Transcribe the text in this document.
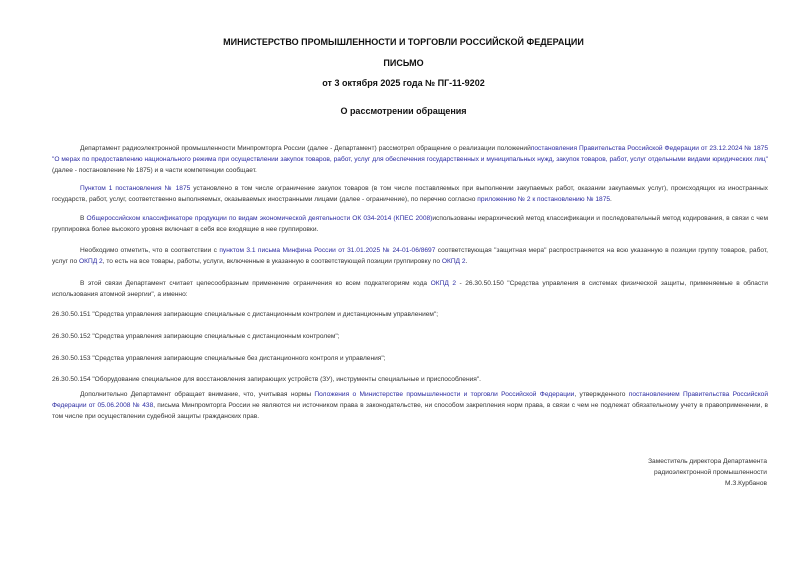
МИНИСТЕРСТВО ПРОМЫШЛЕННОСТИ И ТОРГОВЛИ РОССИЙСКОЙ ФЕДЕРАЦИИ
ПИСЬМО
от 3 октября 2025 года № ПГ-11-9202
О рассмотрении обращения
Департамент радиоэлектронной промышленности Минпромторга России (далее - Департамент) рассмотрел обращение о реализации положенийпостановления Правительства Российской Федерации от 23.12.2024 № 1875 "О мерах по предоставлению национального режима при осуществлении закупок товаров, работ, услуг для обеспечения государственных и муниципальных нужд, закупок товаров, работ, услуг отдельными видами юридических лиц" (далее - постановление № 1875) и в части компетенции сообщает.
Пунктом 1 постановления № 1875 установлено в том числе ограничение закупок товаров (в том числе поставляемых при выполнении закупаемых работ, оказании закупаемых услуг), происходящих из иностранных государств, работ, услуг, соответственно выполняемых, оказываемых иностранными лицами (далее - ограничение), по перечню согласно приложению № 2 к постановлению № 1875.
В Общероссийском классификаторе продукции по видам экономической деятельности ОК 034-2014 (КПЕС 2008)использованы иерархический метод классификации и последовательный метод кодирования, в связи с чем группировка более высокого уровня включает в себя все входящие в нее группировки.
Необходимо отметить, что в соответствии с пунктом 3.1 письма Минфина России от 31.01.2025 № 24-01-06/8697 соответствующая "защитная мера" распространяется на всю указанную в позиции группу товаров, работ, услуг по ОКПД 2, то есть на все товары, работы, услуги, включенные в указанную в соответствующей позиции группировку по ОКПД 2.
В этой связи Департамент считает целесообразным применение ограничения ко всем подкатегориям кода ОКПД 2 - 26.30.50.150 "Средства управления в системах физической защиты, применяемые в области использования атомной энергии", а именно:
26.30.50.151 "Средства управления запирающие специальные с дистанционным контролем и дистанционным управлением";
26.30.50.152 "Средства управления запирающие специальные с дистанционным контролем";
26.30.50.153 "Средства управления запирающие специальные без дистанционного контроля и управления";
26.30.50.154 "Оборудование специальное для восстановления запирающих устройств (ЗУ), инструменты специальные и приспособления".
Дополнительно Департамент обращает внимание, что, учитывая нормы Положения о Министерстве промышленности и торговли Российской Федерации, утвержденного постановлением Правительства Российской Федерации от 05.06.2008 № 438, письма Минпромторга России не являются ни источником права в законодательстве, ни способом закрепления норм права, в связи с чем не подлежат обязательному учету в правоприменении, в том числе при осуществлении судебной защиты гражданских прав.
Заместитель директора Департамента
радиоэлектронной промышленности
М.З.Курбанов
